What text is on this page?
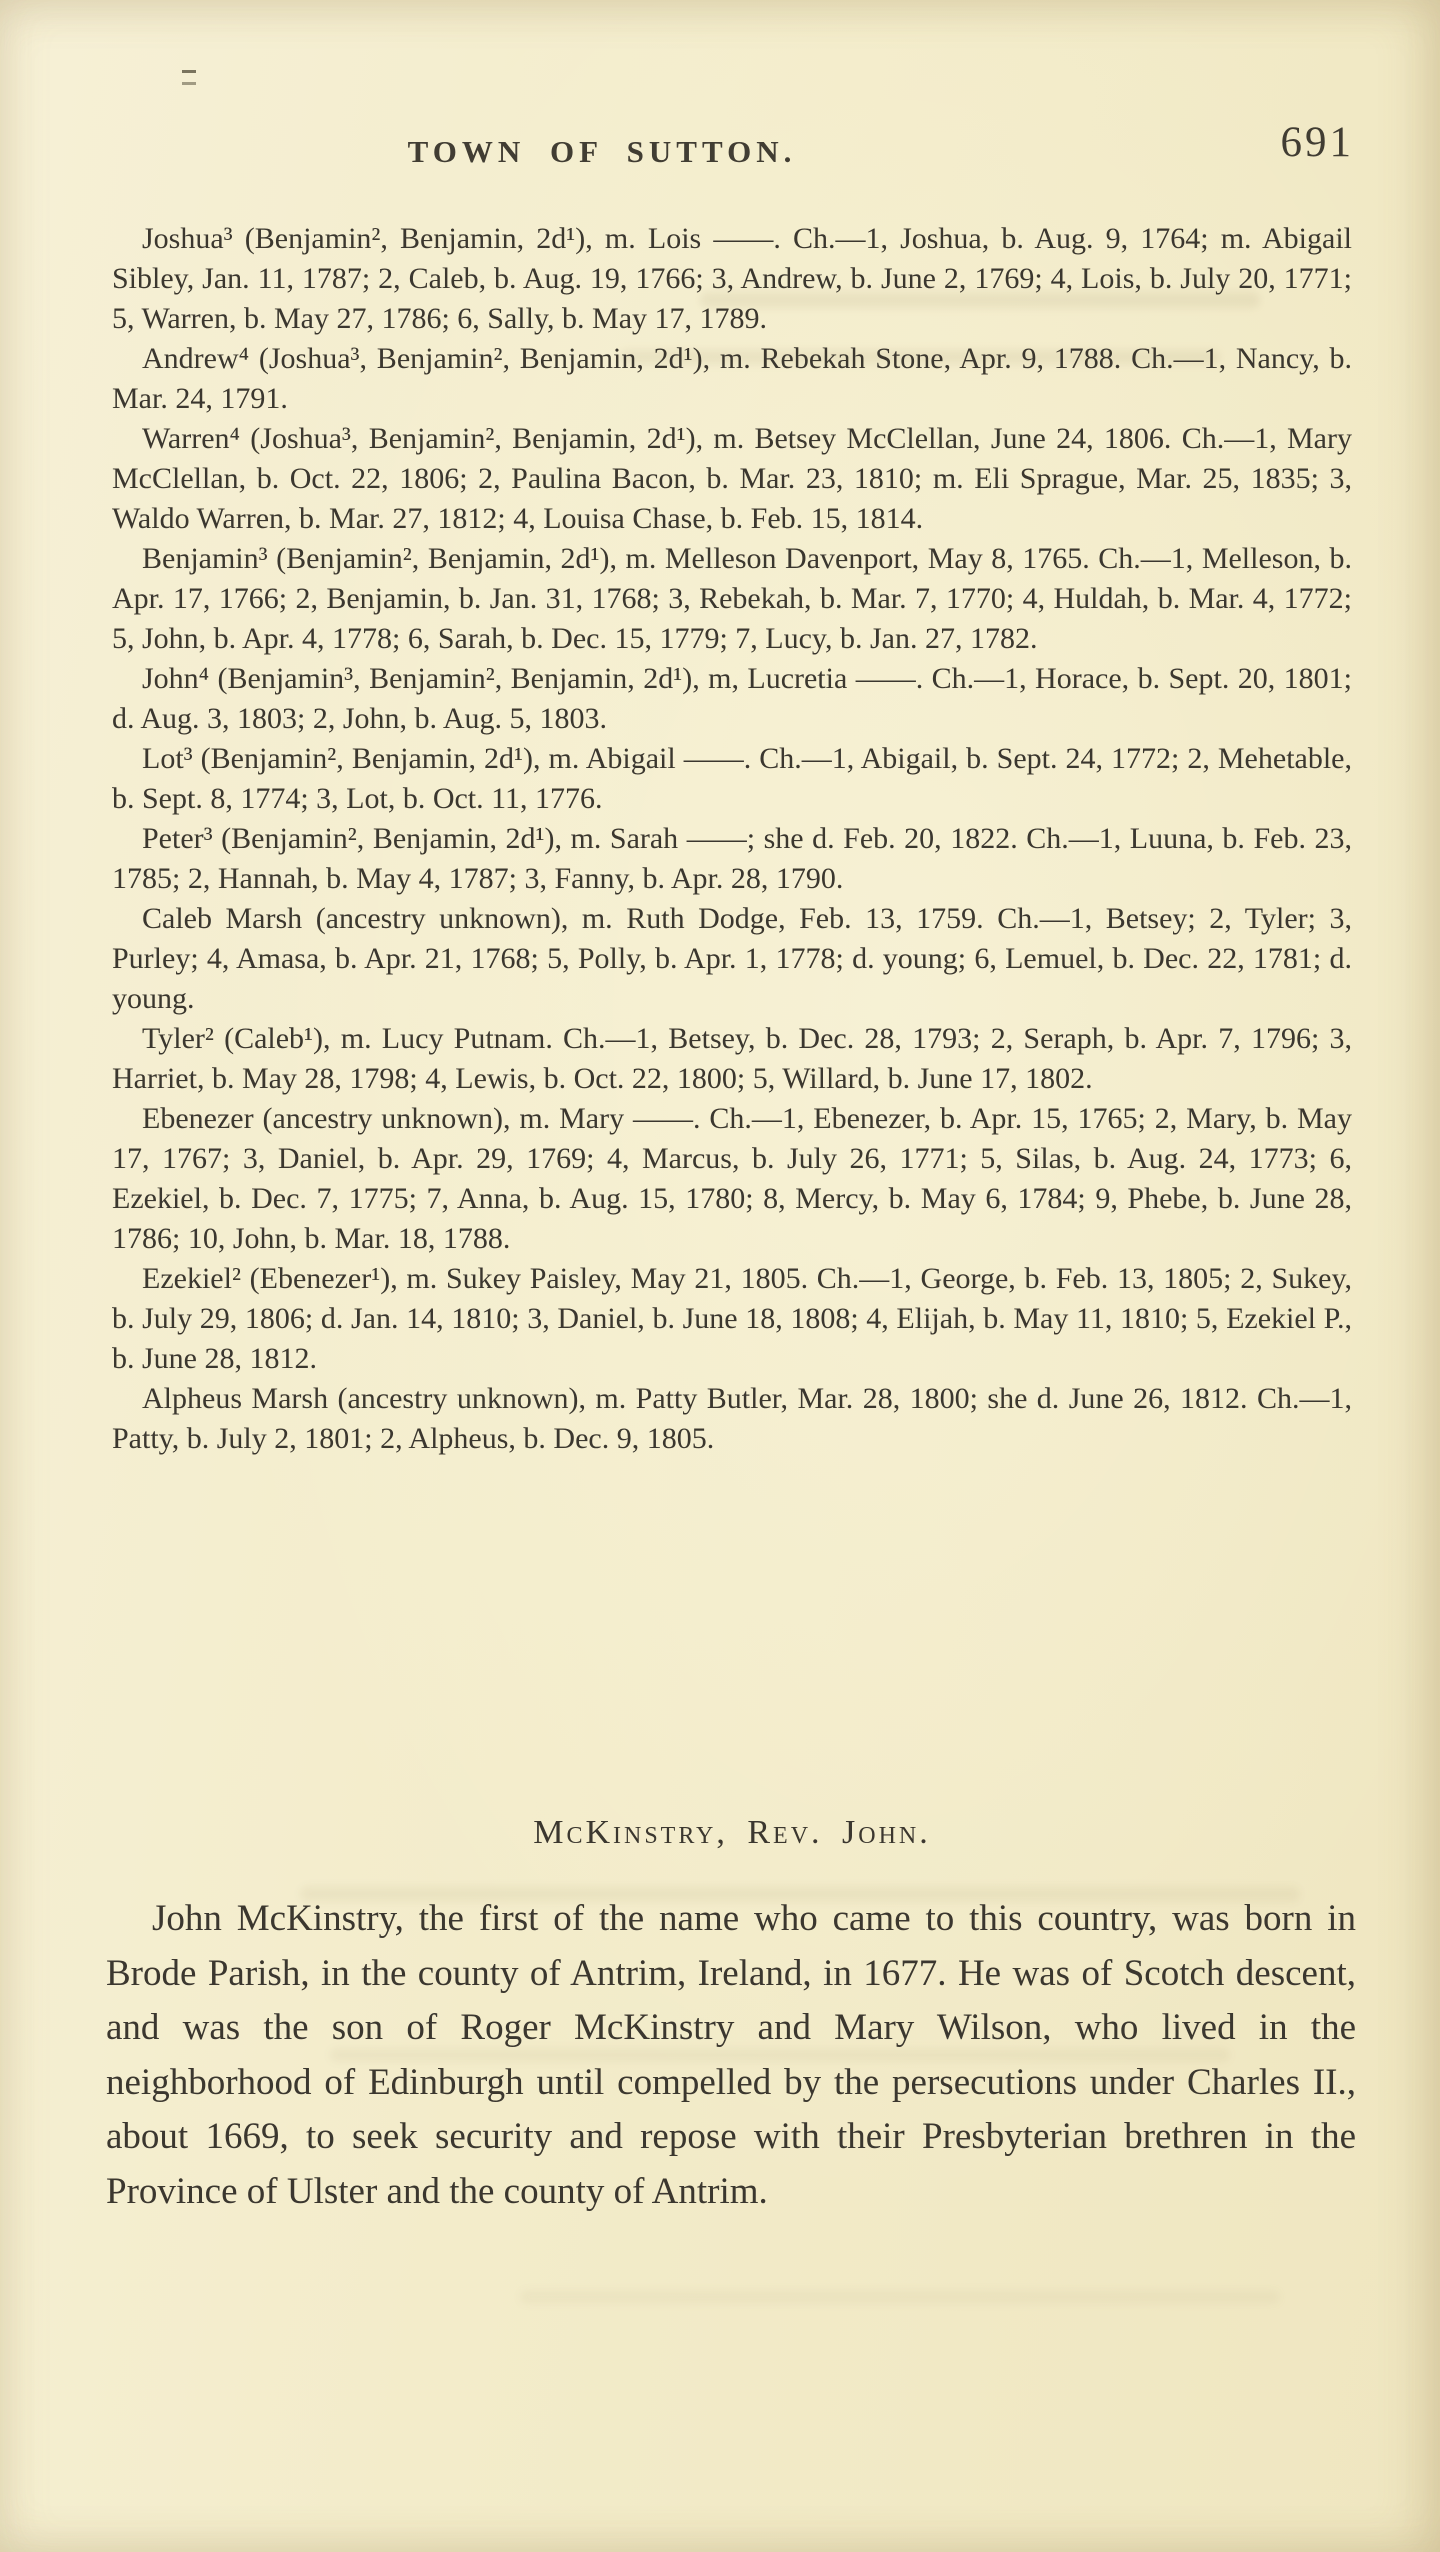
TOWN OF SUTTON.	691

Joshua³ (Benjamin², Benjamin, 2d¹), m. Lois ——. Ch.—1, Joshua, b. Aug. 9, 1764; m. Abigail Sibley, Jan. 11, 1787; 2, Caleb, b. Aug. 19, 1766; 3, Andrew, b. June 2, 1769; 4, Lois, b. July 20, 1771; 5, Warren, b. May 27, 1786; 6, Sally, b. May 17, 1789.

Andrew⁴ (Joshua³, Benjamin², Benjamin, 2d¹), m. Rebekah Stone, Apr. 9, 1788. Ch.—1, Nancy, b. Mar. 24, 1791.

Warren⁴ (Joshua³, Benjamin², Benjamin, 2d¹), m. Betsey McClellan, June 24, 1806. Ch.—1, Mary McClellan, b. Oct. 22, 1806; 2, Paulina Bacon, b. Mar. 23, 1810; m. Eli Sprague, Mar. 25, 1835; 3, Waldo Warren, b. Mar. 27, 1812; 4, Louisa Chase, b. Feb. 15, 1814.

Benjamin³ (Benjamin², Benjamin, 2d¹), m. Melleson Davenport, May 8, 1765. Ch.—1, Melleson, b. Apr. 17, 1766; 2, Benjamin, b. Jan. 31, 1768; 3, Rebekah, b. Mar. 7, 1770; 4, Huldah, b. Mar. 4, 1772; 5, John, b. Apr. 4, 1778; 6, Sarah, b. Dec. 15, 1779; 7, Lucy, b. Jan. 27, 1782.

John⁴ (Benjamin³, Benjamin², Benjamin, 2d¹), m, Lucretia ——. Ch.—1, Horace, b. Sept. 20, 1801; d. Aug. 3, 1803; 2, John, b. Aug. 5, 1803.

Lot³ (Benjamin², Benjamin, 2d¹), m. Abigail ——. Ch.—1, Abigail, b. Sept. 24, 1772; 2, Mehetable, b. Sept. 8, 1774; 3, Lot, b. Oct. 11, 1776.

Peter³ (Benjamin², Benjamin, 2d¹), m. Sarah ——; she d. Feb. 20, 1822. Ch.—1, Luuna, b. Feb. 23, 1785; 2, Hannah, b. May 4, 1787; 3, Fanny, b. Apr. 28, 1790.

Caleb Marsh (ancestry unknown), m. Ruth Dodge, Feb. 13, 1759. Ch.—1, Betsey; 2, Tyler; 3, Purley; 4, Amasa, b. Apr. 21, 1768; 5, Polly, b. Apr. 1, 1778; d. young; 6, Lemuel, b. Dec. 22, 1781; d. young.

Tyler² (Caleb¹), m. Lucy Putnam. Ch.—1, Betsey, b. Dec. 28, 1793; 2, Seraph, b. Apr. 7, 1796; 3, Harriet, b. May 28, 1798; 4, Lewis, b. Oct. 22, 1800; 5, Willard, b. June 17, 1802.

Ebenezer (ancestry unknown), m. Mary ——. Ch.—1, Ebenezer, b. Apr. 15, 1765; 2, Mary, b. May 17, 1767; 3, Daniel, b. Apr. 29, 1769; 4, Marcus, b. July 26, 1771; 5, Silas, b. Aug. 24, 1773; 6, Ezekiel, b. Dec. 7, 1775; 7, Anna, b. Aug. 15, 1780; 8, Mercy, b. May 6, 1784; 9, Phebe, b. June 28, 1786; 10, John, b. Mar. 18, 1788.

Ezekiel² (Ebenezer¹), m. Sukey Paisley, May 21, 1805. Ch.—1, George, b. Feb. 13, 1805; 2, Sukey, b. July 29, 1806; d. Jan. 14, 1810; 3, Daniel, b. June 18, 1808; 4, Elijah, b. May 11, 1810; 5, Ezekiel P., b. June 28, 1812.

Alpheus Marsh (ancestry unknown), m. Patty Butler, Mar. 28, 1800; she d. June 26, 1812. Ch.—1, Patty, b. July 2, 1801; 2, Alpheus, b. Dec. 9, 1805.

McKinstry, Rev. John.

John McKinstry, the first of the name who came to this country, was born in Brode Parish, in the county of Antrim, Ireland, in 1677. He was of Scotch descent, and was the son of Roger McKinstry and Mary Wilson, who lived in the neighborhood of Edinburgh until compelled by the persecutions under Charles II., about 1669, to seek security and repose with their Presbyterian brethren in the Province of Ulster and the county of Antrim.
